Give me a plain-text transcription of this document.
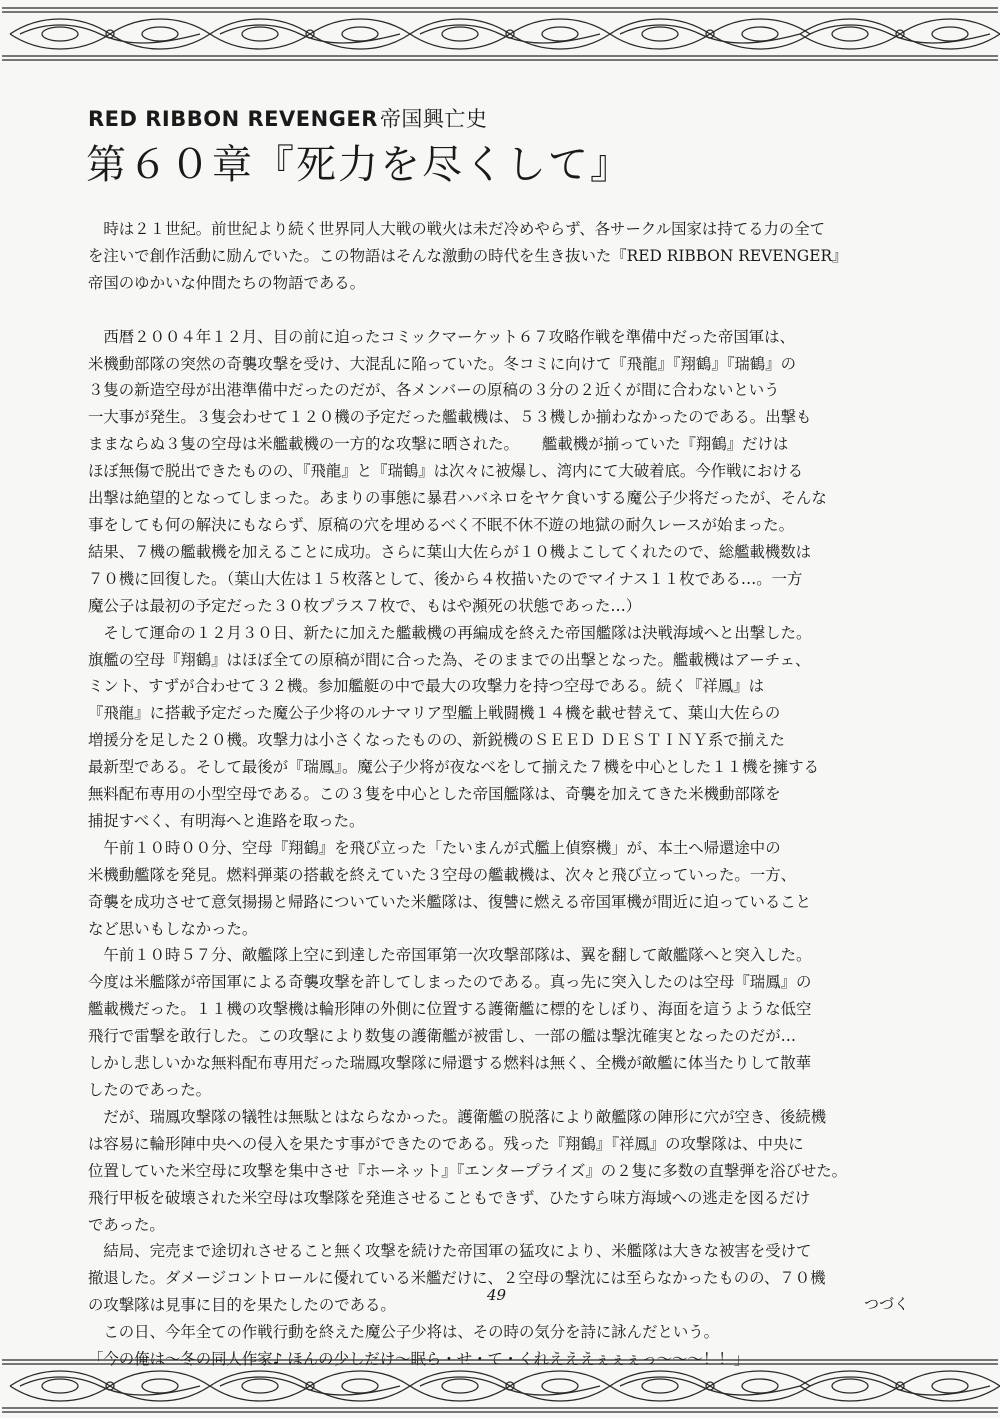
RED RIBBON REVENGER帝国興亡史
第６０章『死力を尽くして』
　時は２１世紀。前世紀より続く世界同人大戦の戦火は未だ冷めやらず、各サークル国家は持てる力の全て
を注いで創作活動に励んでいた。この物語はそんな激動の時代を生き抜いた『RED RIBBON REVENGER』
帝国のゆかいな仲間たちの物語である。

　西暦２００４年１２月、目の前に迫ったコミックマーケット６７攻略作戦を準備中だった帝国軍は、
米機動部隊の突然の奇襲攻撃を受け、大混乱に陥っていた。冬コミに向けて『飛龍』『翔鶴』『瑞鶴』の
３隻の新造空母が出港準備中だったのだが、各メンバーの原稿の３分の２近くが間に合わないという
一大事が発生。３隻会わせて１２０機の予定だった艦載機は、５３機しか揃わなかったのである。出撃も
ままならぬ３隻の空母は米艦載機の一方的な攻撃に晒された。　　艦載機が揃っていた『翔鶴』だけは
ほぼ無傷で脱出できたものの、『飛龍』と『瑞鶴』は次々に被爆し、湾内にて大破着底。今作戦における
出撃は絶望的となってしまった。あまりの事態に暴君ハバネロをヤケ食いする魔公子少将だったが、そんな
事をしても何の解決にもならず、原稿の穴を埋めるべく不眠不休不遊の地獄の耐久レースが始まった。
結果、７機の艦載機を加えることに成功。さらに葉山大佐らが１０機よこしてくれたので、総艦載機数は
７０機に回復した。（葉山大佐は１５枚落として、後から４枚描いたのでマイナス１１枚である…。一方
魔公子は最初の予定だった３０枚プラス７枚で、もはや瀕死の状態であった…）
　そして運命の１２月３０日、新たに加えた艦載機の再編成を終えた帝国艦隊は決戦海域へと出撃した。
旗艦の空母『翔鶴』はほぼ全ての原稿が間に合った為、そのままでの出撃となった。艦載機はアーチェ、
ミント、すずが合わせて３２機。参加艦艇の中で最大の攻撃力を持つ空母である。続く『祥鳳』は
『飛龍』に搭載予定だった魔公子少将のルナマリア型艦上戦闘機１４機を載せ替えて、葉山大佐らの
増援分を足した２０機。攻撃力は小さくなったものの、新鋭機のＳＥＥＤ ＤＥＳＴＩＮＹ系で揃えた
最新型である。そして最後が『瑞鳳』。魔公子少将が夜なべをして揃えた７機を中心とした１１機を擁する
無料配布専用の小型空母である。この３隻を中心とした帝国艦隊は、奇襲を加えてきた米機動部隊を
捕捉すべく、有明海へと進路を取った。
　午前１０時００分、空母『翔鶴』を飛び立った「たいまんが式艦上偵察機」が、本土へ帰還途中の
米機動艦隊を発見。燃料弾薬の搭載を終えていた３空母の艦載機は、次々と飛び立っていった。一方、
奇襲を成功させて意気揚揚と帰路についていた米艦隊は、復讐に燃える帝国軍機が間近に迫っていること
など思いもしなかった。
　午前１０時５７分、敵艦隊上空に到達した帝国軍第一次攻撃部隊は、翼を翻して敵艦隊へと突入した。
今度は米艦隊が帝国軍による奇襲攻撃を許してしまったのである。真っ先に突入したのは空母『瑞鳳』の
艦載機だった。１１機の攻撃機は輪形陣の外側に位置する護衛艦に標的をしぼり、海面を這うような低空
飛行で雷撃を敢行した。この攻撃により数隻の護衛艦が被雷し、一部の艦は撃沈確実となったのだが…
しかし悲しいかな無料配布専用だった瑞鳳攻撃隊に帰還する燃料は無く、全機が敵艦に体当たりして散華
したのであった。
　だが、瑞鳳攻撃隊の犠牲は無駄とはならなかった。護衛艦の脱落により敵艦隊の陣形に穴が空き、後続機
は容易に輪形陣中央への侵入を果たす事ができたのである。残った『翔鶴』『祥鳳』の攻撃隊は、中央に
位置していた米空母に攻撃を集中させ『ホーネット』『エンタープライズ』の２隻に多数の直撃弾を浴びせた。
飛行甲板を破壊された米空母は攻撃隊を発進させることもできず、ひたすら味方海域への逃走を図るだけ
であった。
　結局、完売まで途切れさせること無く攻撃を続けた帝国軍の猛攻により、米艦隊は大きな被害を受けて
撤退した。ダメージコントロールに優れている米艦だけに、２空母の撃沈には至らなかったものの、７０機
の攻撃隊は見事に目的を果たしたのである。
　この日、今年全ての作戦行動を終えた魔公子少将は、その時の気分を詩に詠んだという。
「今の俺は〜冬の同人作家♪ ほんの少しだけ〜眠ら・せ・て・くれえええぇぇぇっ〜〜〜！！」
49	つづく
